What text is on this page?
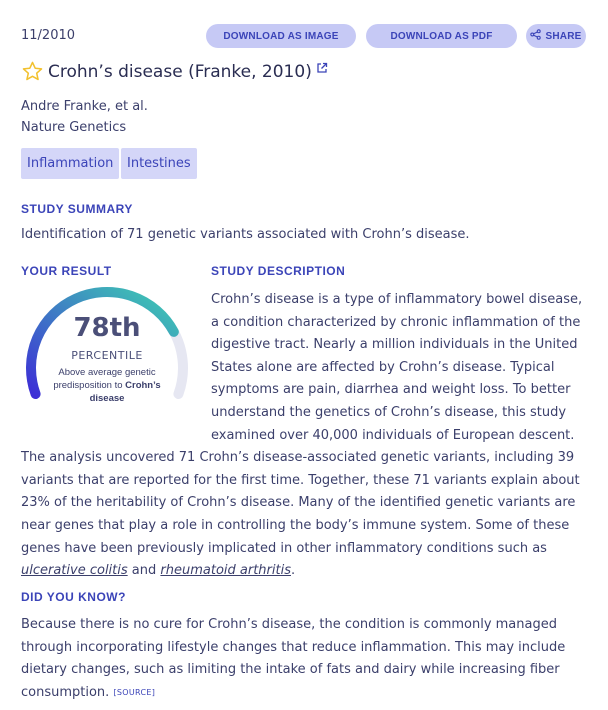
11/2010	DOWNLOAD AS IMAGE	DOWNLOAD AS PDF	SHARE
Crohn’s disease (Franke, 2010)
Andre Franke, et al.
Nature Genetics
Inflammation	Intestines
STUDY SUMMARY
Identification of 71 genetic variants associated with Crohn’s disease.
YOUR RESULT	STUDY DESCRIPTION
78th
PERCENTILE
Above average genetic predisposition to Crohn’s disease
Crohn’s disease is a type of inflammatory bowel disease, a condition characterized by chronic inflammation of the digestive tract. Nearly a million individuals in the United States alone are affected by Crohn’s disease. Typical symptoms are pain, diarrhea and weight loss. To better understand the genetics of Crohn’s disease, this study examined over 40,000 individuals of European descent. The analysis uncovered 71 Crohn’s disease-associated genetic variants, including 39 variants that are reported for the first time. Together, these 71 variants explain about 23% of the heritability of Crohn’s disease. Many of the identified genetic variants are near genes that play a role in controlling the body’s immune system. Some of these genes have been previously implicated in other inflammatory conditions such as ulcerative colitis and rheumatoid arthritis.
DID YOU KNOW?
Because there is no cure for Crohn’s disease, the condition is commonly managed through incorporating lifestyle changes that reduce inflammation. This may include dietary changes, such as limiting the intake of fats and dairy while increasing fiber consumption. [SOURCE]
